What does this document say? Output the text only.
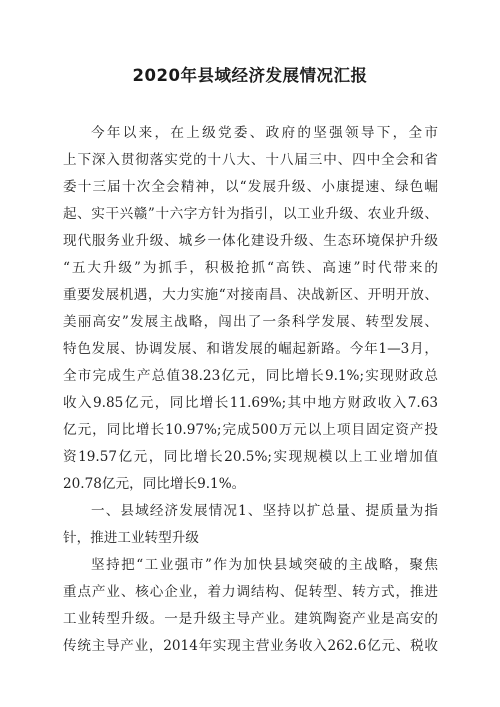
2020年县域经济发展情况汇报
今年以来，在上级党委、政府的坚强领导下，全市
上下深入贯彻落实党的十八大、十八届三中、四中全会和省
委十三届十次全会精神，以“发展升级、小康提速、绿色崛
起、实干兴赣”十六字方针为指引，以工业升级、农业升级、
现代服务业升级、城乡一体化建设升级、生态环境保护升级
“五大升级”为抓手，积极抢抓“高铁、高速”时代带来的
重要发展机遇，大力实施“对接南昌、决战新区、开明开放、
美丽高安”发展主战略，闯出了一条科学发展、转型发展、
特色发展、协调发展、和谐发展的崛起新路。今年1—3月，
全市完成生产总值38.23亿元，同比增长9.1%;实现财政总
收入9.85亿元，同比增长11.69%;其中地方财政收入7.63
亿元，同比增长10.97%;完成500万元以上项目固定资产投
资19.57亿元，同比增长20.5%;实现规模以上工业增加值
20.78亿元，同比增长9.1%。
一、县域经济发展情况1、坚持以扩总量、提质量为指
针，推进工业转型升级
坚持把“工业强市”作为加快县域突破的主战略，聚焦
重点产业、核心企业，着力调结构、促转型、转方式，推进
工业转型升级。一是升级主导产业。建筑陶瓷产业是高安的
传统主导产业，2014年实现主营业务收入262.6亿元、税收
